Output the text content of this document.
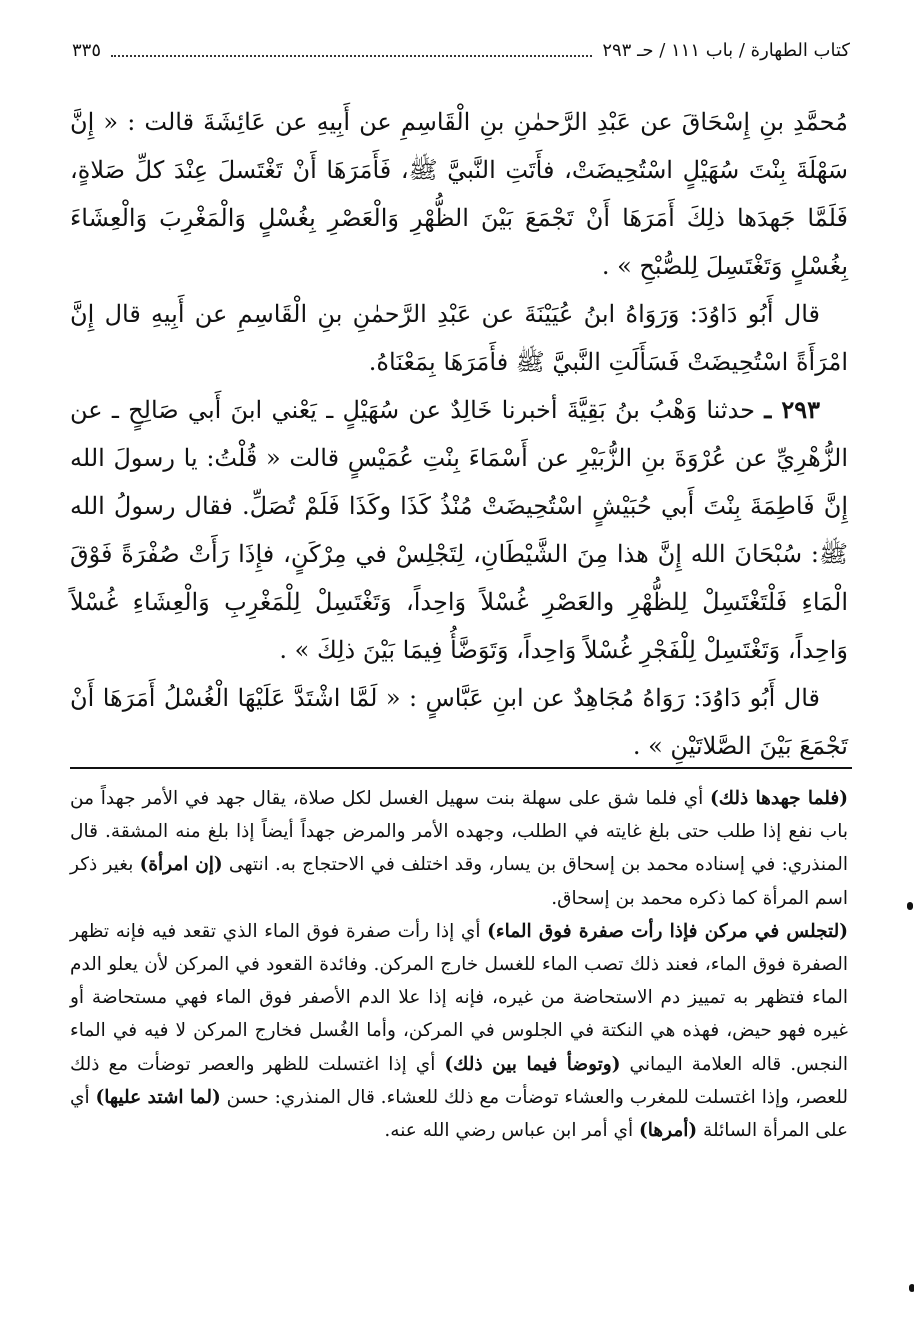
كتاب الطهارة / باب ١١١ / حـ ٢٩٣
٣٣٥

مُحمَّدِ بنِ إِسْحَاقَ عن عَبْدِ الرَّحمٰنِ بنِ الْقَاسِمِ عن أَبِيهِ عن عَائِشَةَ قالت : « إِنَّ سَهْلَةَ بِنْتَ سُهَيْلٍ اسْتُحِيضَتْ، فأَتَتِ النَّبيَّ ﷺ، فَأَمَرَهَا أَنْ تَغْتَسلَ عِنْدَ كلِّ صَلاةٍ، فَلَمَّا جَهدَها ذلِكَ أَمَرَهَا أَنْ تَجْمَعَ بَيْنَ الظُّهْرِ وَالْعَصْرِ بِغُسْلٍ وَالْمَغْرِبَ وَالْعِشَاءَ بِغُسْلٍ وَتَغْتَسِلَ لِلصُّبْحِ » .

قال أَبُو دَاوُدَ: وَرَوَاهُ ابنُ عُيَيْنَةَ عن عَبْدِ الرَّحمٰنِ بنِ الْقَاسِمِ عن أَبِيهِ قال إِنَّ امْرَأَةً اسْتُحِيضَتْ فَسَأَلَتِ النَّبيَّ ﷺ فأَمَرَهَا بِمَعْنَاهُ.

٢٩٣ ـ حدثنا وَهْبُ بنُ بَقِيَّةَ أخبرنا خَالِدٌ عن سُهَيْلٍ ـ يَعْني ابنَ أَبي صَالِحٍ ـ عن الزُّهْرِيِّ عن عُرْوَةَ بنِ الزُّبَيْرِ عن أَسْمَاءَ بِنْتِ عُمَيْسٍ قالت « قُلْتُ: يا رسولَ الله إِنَّ فَاطِمَةَ بِنْتَ أَبي حُبَيْشٍ اسْتُحِيضَتْ مُنْذُ كَذَا وكَذَا فَلَمْ تُصَلِّ. فقال رسولُ الله ﷺ: سُبْحَانَ الله إِنَّ هذا مِنَ الشَّيْطَانِ، لِتَجْلِسْ في مِرْكَنٍ، فإِذَا رَأَتْ صُفْرَةً فَوْقَ الْمَاءِ فَلْتَغْتَسِلْ لِلظُّهْرِ والعَصْرِ غُسْلاً وَاحِداً، وَتَغْتَسِلْ لِلْمَغْرِبِ وَالْعِشَاءِ غُسْلاً وَاحِداً، وَتَغْتَسِلْ لِلْفَجْرِ غُسْلاً وَاحِداً، وَتَوَضَّأُ فِيمَا بَيْنَ ذلِكَ » .

قال أَبُو دَاوُدَ: رَوَاهُ مُجَاهِدٌ عن ابنِ عَبَّاسٍ : « لَمَّا اشْتَدَّ عَلَيْهَا الْغُسْلُ أَمَرَهَا أَنْ تَجْمَعَ بَيْنَ الصَّلاتَيْنِ » .

(فلما جهدها ذلك) أي فلما شق على سهلة بنت سهيل الغسل لكل صلاة، يقال جهد في الأمر جهداً من باب نفع إذا طلب حتى بلغ غايته في الطلب، وجهده الأمر والمرض جهداً أيضاً إذا بلغ منه المشقة. قال المنذري: في إسناده محمد بن إسحاق بن يسار، وقد اختلف في الاحتجاج به. انتهى (إن امرأة) بغير ذكر اسم المرأة كما ذكره محمد بن إسحاق.

(لتجلس في مركن فإذا رأت صفرة فوق الماء) أي إذا رأت صفرة فوق الماء الذي تقعد فيه فإنه تظهر الصفرة فوق الماء، فعند ذلك تصب الماء للغسل خارج المركن. وفائدة القعود في المركن لأن يعلو الدم الماء فتظهر به تمييز دم الاستحاضة من غيره، فإنه إذا علا الدم الأصفر فوق الماء فهي مستحاضة أو غيره فهو حيض، فهذه هي النكتة في الجلوس في المركن، وأما الغُسل فخارج المركن لا فيه في الماء النجس. قاله العلامة اليماني (وتوضأ فيما بين ذلك) أي إذا اغتسلت للظهر والعصر توضأت مع ذلك للعصر، وإذا اغتسلت للمغرب والعشاء توضأت مع ذلك للعشاء. قال المنذري: حسن (لما اشتد عليها) أي على المرأة السائلة (أمرها) أي أمر ابن عباس رضي الله عنه.
